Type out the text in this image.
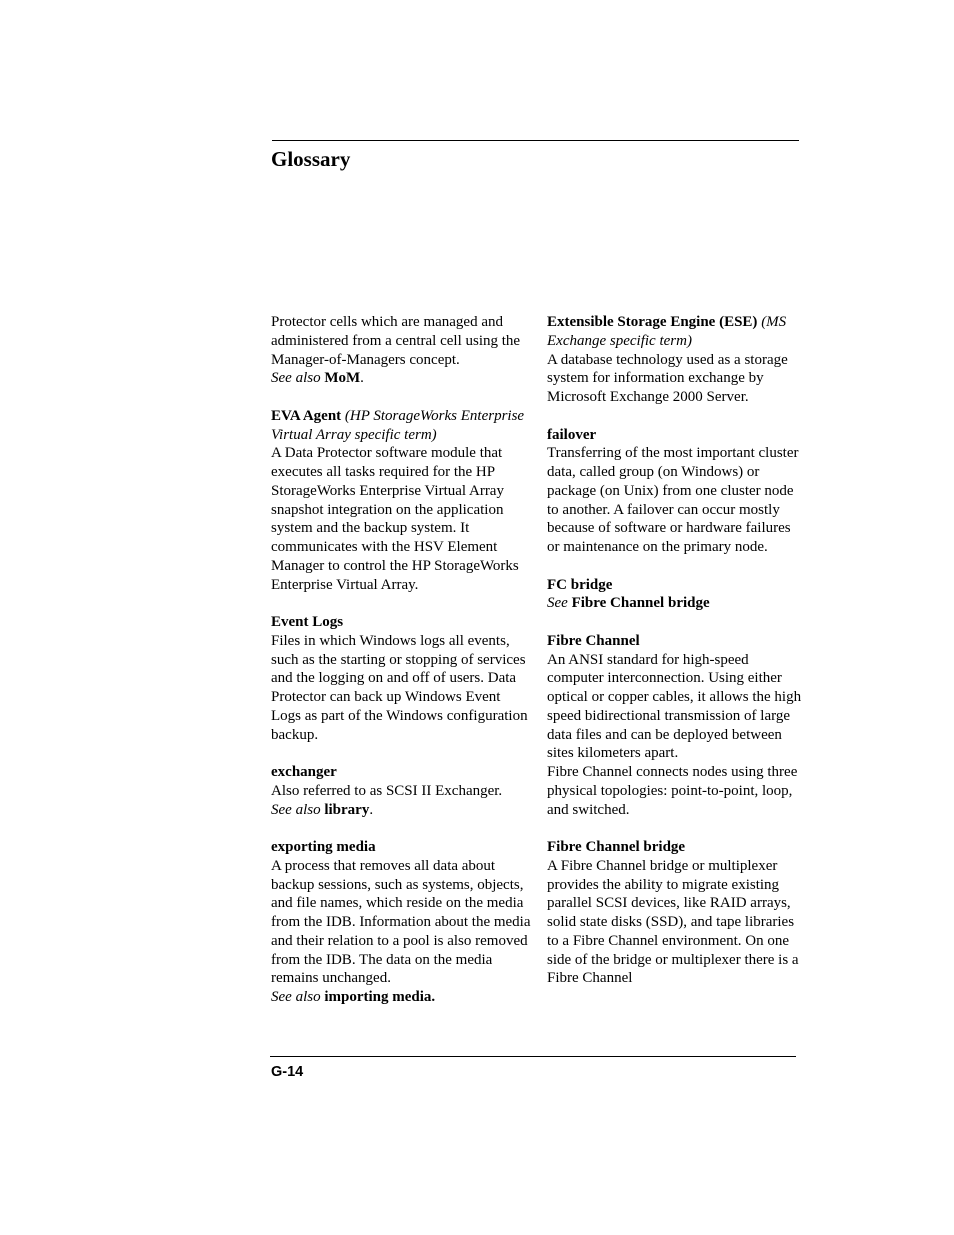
Glossary

Protector cells which are managed and administered from a central cell using the Manager-of-Managers concept.

See also MoM.

EVA Agent (HP StorageWorks Enterprise Virtual Array specific term)

A Data Protector software module that executes all tasks required for the HP StorageWorks Enterprise Virtual Array snapshot integration on the application system and the backup system. It communicates with the HSV Element Manager to control the HP StorageWorks Enterprise Virtual Array.

Event Logs

Files in which Windows logs all events, such as the starting or stopping of services and the logging on and off of users. Data Protector can back up Windows Event Logs as part of the Windows configuration backup.

exchanger

Also referred to as SCSI II Exchanger.

See also library.

exporting media

A process that removes all data about backup sessions, such as systems, objects, and file names, which reside on the media from the IDB. Information about the media and their relation to a pool is also removed from the IDB. The data on the media remains unchanged.

See also importing media.

Extensible Storage Engine (ESE) (MS Exchange specific term)

A database technology used as a storage system for information exchange by Microsoft Exchange 2000 Server.

failover

Transferring of the most important cluster data, called group (on Windows) or package (on Unix) from one cluster node to another. A failover can occur mostly because of software or hardware failures or maintenance on the primary node.

FC bridge

See Fibre Channel bridge

Fibre Channel

An ANSI standard for high-speed computer interconnection. Using either optical or copper cables, it allows the high speed bidirectional transmission of large data files and can be deployed between sites kilometers apart.

Fibre Channel connects nodes using three physical topologies: point-to-point, loop, and switched.

Fibre Channel bridge

A Fibre Channel bridge or multiplexer provides the ability to migrate existing parallel SCSI devices, like RAID arrays, solid state disks (SSD), and tape libraries to a Fibre Channel environment. On one side of the bridge or multiplexer there is a Fibre Channel

G-14
